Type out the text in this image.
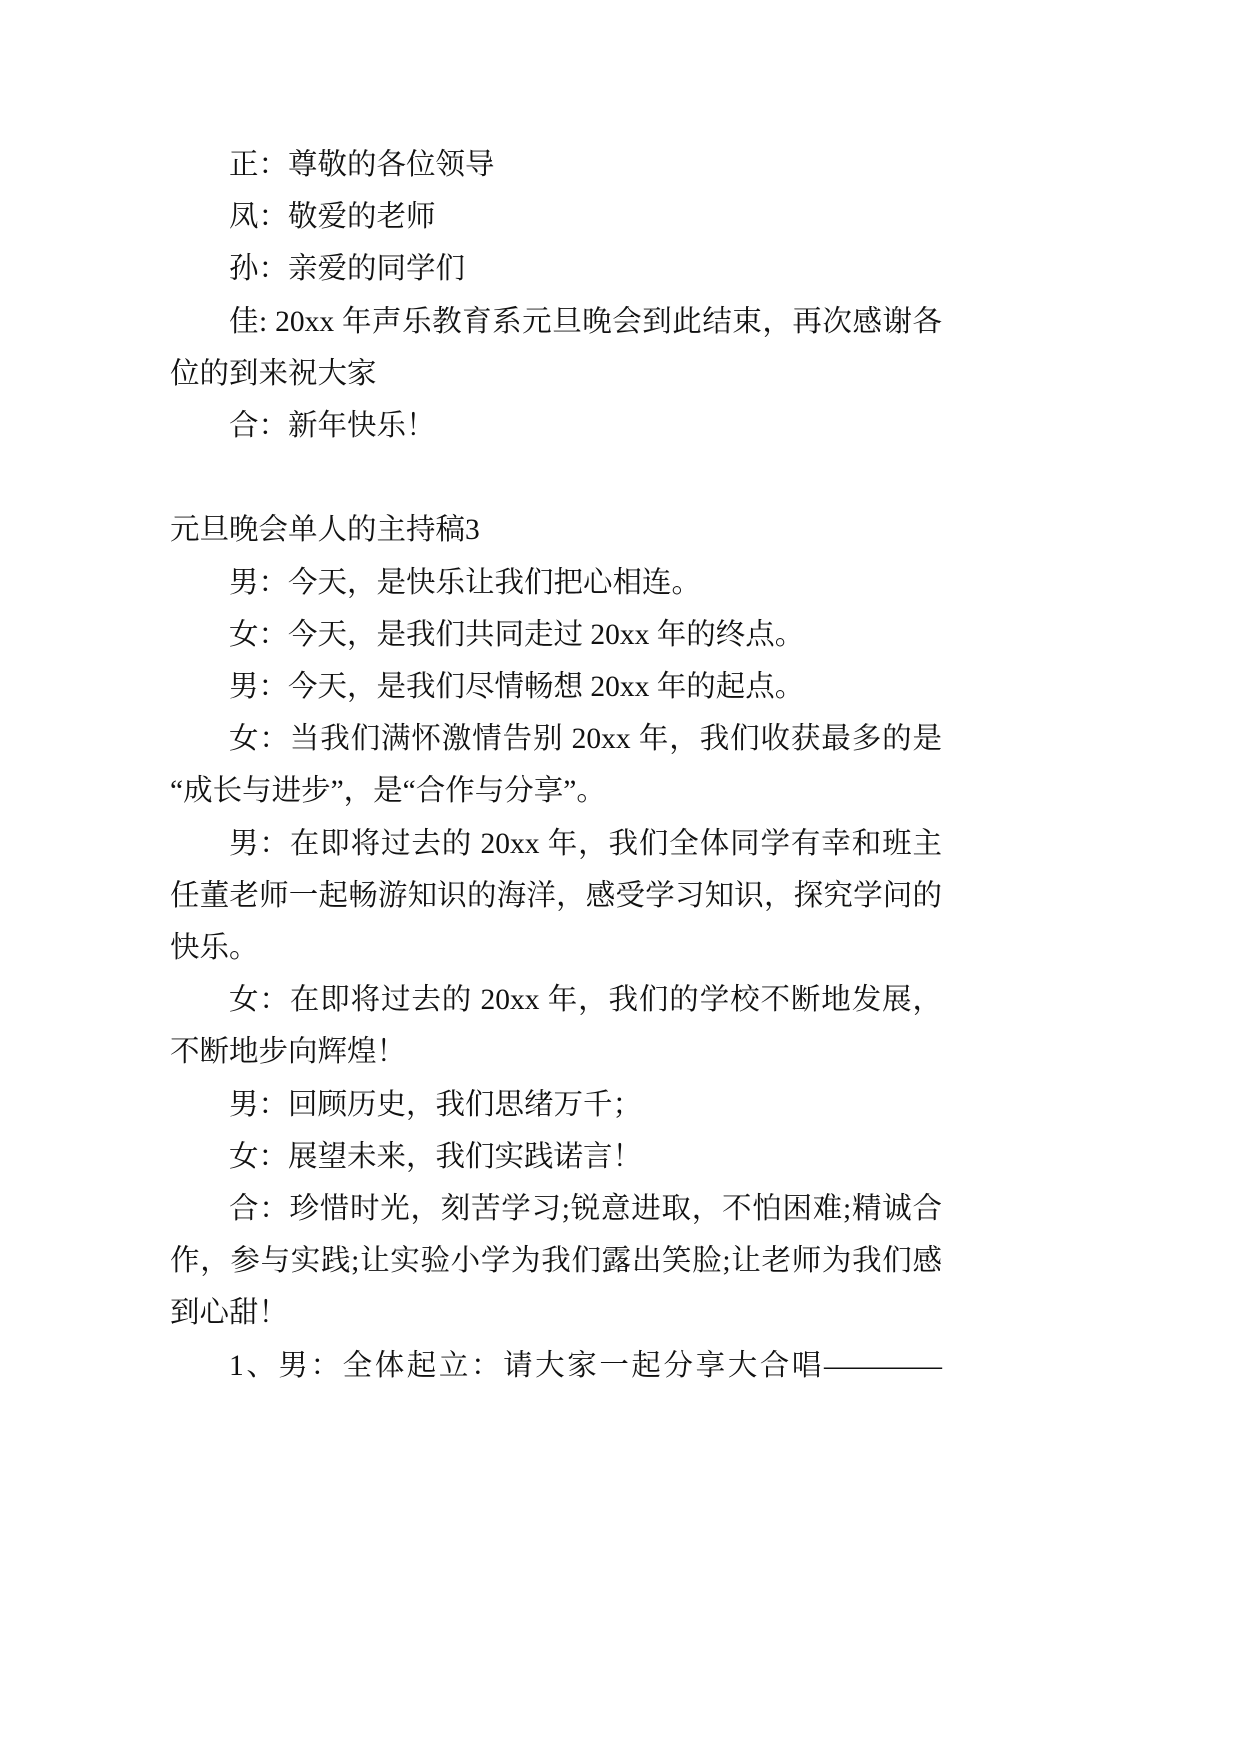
正：尊敬的各位领导

凤：敬爱的老师

孙：亲爱的同学们

佳: 20xx 年声乐教育系元旦晚会到此结束，再次感谢各
位的到来祝大家

合：新年快乐！

元旦晚会单人的主持稿3

男：今天，是快乐让我们把心相连。

女：今天，是我们共同走过 20xx 年的终点。

男：今天，是我们尽情畅想 20xx 年的起点。

女：当我们满怀激情告别 20xx 年，我们收获最多的是
“成长与进步”，是“合作与分享”。

男：在即将过去的 20xx 年，我们全体同学有幸和班主
任董老师一起畅游知识的海洋，感受学习知识，探究学问的
快乐。

女：在即将过去的 20xx 年，我们的学校不断地发展，
不断地步向辉煌！

男：回顾历史，我们思绪万千；

女：展望未来，我们实践诺言！

合：珍惜时光，刻苦学习;锐意进取，不怕困难;精诚合
作，参与实践;让实验小学为我们露出笑脸;让老师为我们感
到心甜！

1、男：全体起立：请大家一起分享大合唱————
